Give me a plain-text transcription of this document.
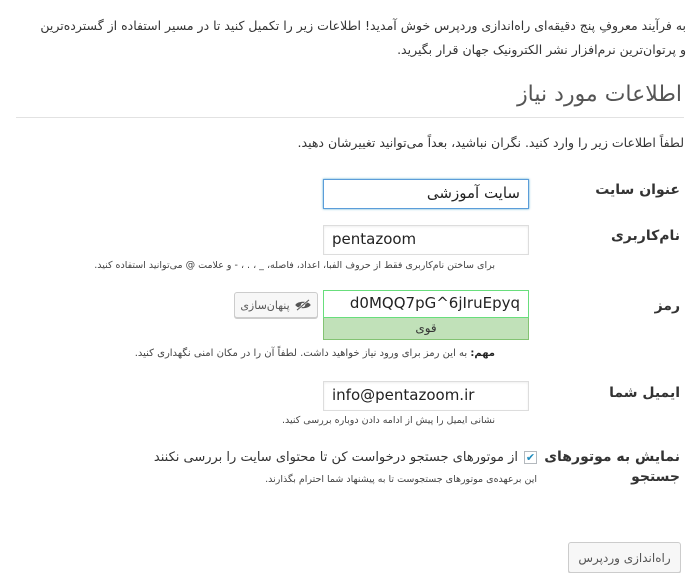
به فرآیند معروفِ پنج دقیقه‌ای راه‌اندازی وردپرس خوش آمدید! اطلاعات زیر را تکمیل کنید تا در مسیر استفاده از گسترده‌ترین
و پرتوان‌ترین نرم‌افزار نشر الکترونیک جهان قرار بگیرید.
اطلاعات مورد نیاز
لطفاً اطلاعات زیر را وارد کنید. نگران نباشید، بعداً می‌توانید تغییرشان دهید.
عنوان سایت
سایت آموزشی
نام‌کاربری
pentazoom
برای ساختن نام‌کاربری فقط از حروف الفبا، اعداد، فاصله، _ ، . ، - و علامت @ می‌توانید استفاده کنید.
رمز
d0MQQ7pG^6jIruEpyq
قوی
پنهان‌سازی
مهم: به این رمز برای ورود نیاز خواهید داشت. لطفاً آن را در مکان امنی نگهداری کنید.
ایمیل شما
info@pentazoom.ir
نشانی ایمیل را پیش از ادامه دادن دوباره بررسی کنید.
نمایش به موتورهای
جستجو
✔
از موتورهای جستجو درخواست کن تا محتوای سایت را بررسی نکنند
این برعهده‌ی موتورهای جستجوست تا به پیشنهاد شما احترام بگذارند.
راه‌اندازی وردپرس
